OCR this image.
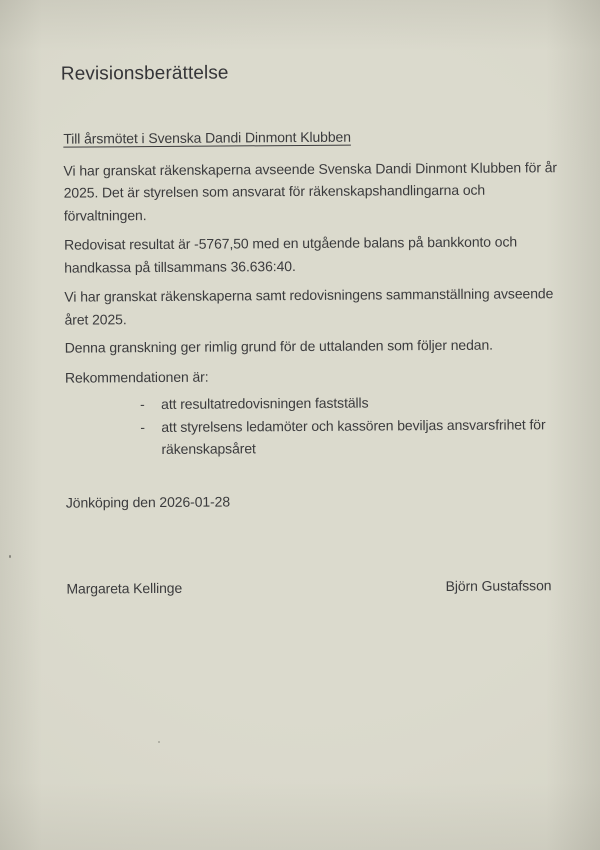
Revisionsberättelse
Till årsmötet i Svenska Dandi Dinmont Klubben

Vi har granskat räkenskaperna avseende Svenska Dandi Dinmont Klubben för år
2025. Det är styrelsen som ansvarat för räkenskapshandlingarna och
förvaltningen.

Redovisat resultat är -5767,50 med en utgående balans på bankkonto och
handkassa på tillsammans 36.636:40.

Vi har granskat räkenskaperna samt redovisningens sammanställning avseende
året 2025.

Denna granskning ger rimlig grund för de uttalanden som följer nedan.

Rekommendationen är:
-	att resultatredovisningen fastställs
-	att styrelsens ledamöter och kassören beviljas ansvarsfrihet för
räkenskapsåret
Jönköping den 2026-01-28
Margareta Kellinge	Björn Gustafsson
